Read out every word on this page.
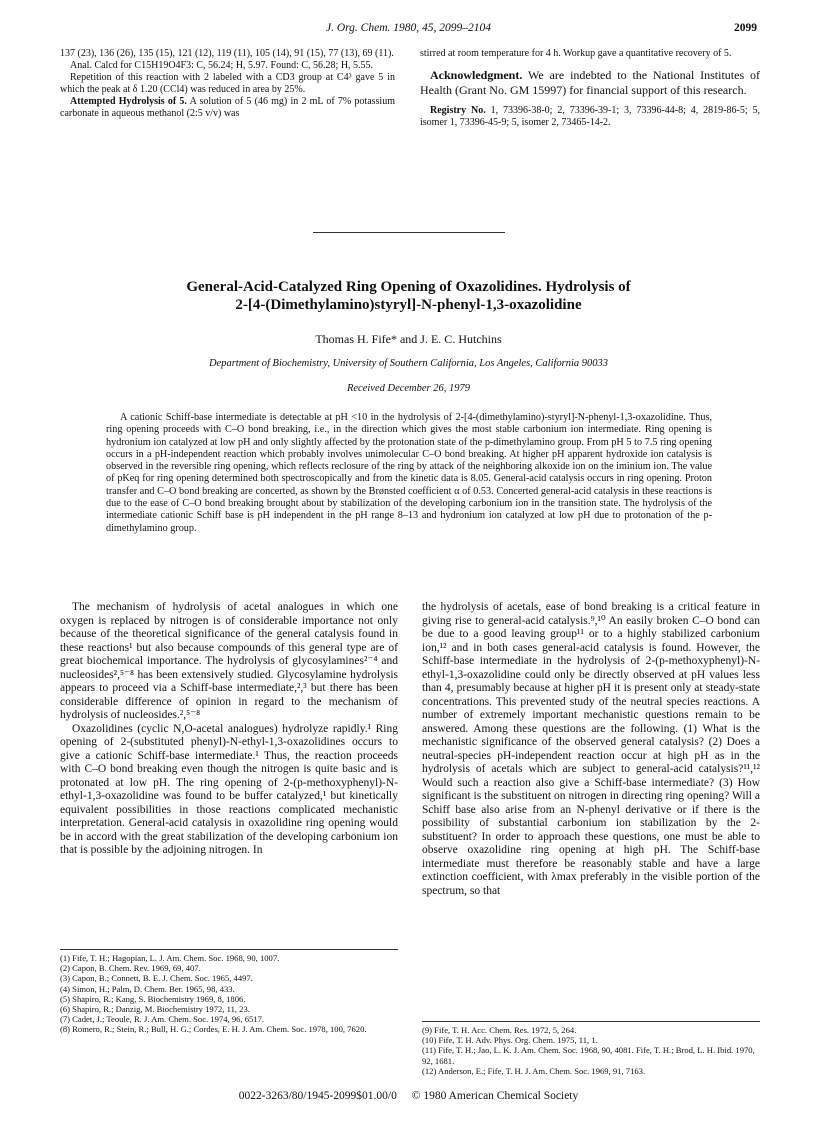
J. Org. Chem. 1980, 45, 2099–2104	2099

137 (23), 136 (26), 135 (15), 121 (12), 119 (11), 105 (14), 91 (15), 77 (13), 69 (11).

Anal. Calcd for C15H19O4F3: C, 56.24; H, 5.97. Found: C, 56.28; H, 5.55.

Repetition of this reaction with 2 labeled with a CD3 group at C4³ gave 5 in which the peak at δ 1.20 (CCl4) was reduced in area by 25%.

Attempted Hydrolysis of 5. A solution of 5 (46 mg) in 2 mL of 7% potassium carbonate in aqueous methanol (2:5 v/v) was

stirred at room temperature for 4 h. Workup gave a quantitative recovery of 5.

Acknowledgment. We are indebted to the National Institutes of Health (Grant No. GM 15997) for financial support of this research.

Registry No. 1, 73396-38-0; 2, 73396-39-1; 3, 73396-44-8; 4, 2819-86-5; 5, isomer 1, 73396-45-9; 5, isomer 2, 73465-14-2.

General-Acid-Catalyzed Ring Opening of Oxazolidines. Hydrolysis of
2-[4-(Dimethylamino)styryl]-N-phenyl-1,3-oxazolidine
Thomas H. Fife* and J. E. C. Hutchins
Department of Biochemistry, University of Southern California, Los Angeles, California 90033
Received December 26, 1979
A cationic Schiff-base intermediate is detectable at pH <10 in the hydrolysis of 2-[4-(dimethylamino)-styryl]-N-phenyl-1,3-oxazolidine. Thus, ring opening proceeds with C–O bond breaking, i.e., in the direction which gives the most stable carbonium ion intermediate. Ring opening is hydronium ion catalyzed at low pH and only slightly affected by the protonation state of the p-dimethylamino group. From pH 5 to 7.5 ring opening occurs in a pH-independent reaction which probably involves unimolecular C–O bond breaking. At higher pH apparent hydroxide ion catalysis is observed in the reversible ring opening, which reflects reclosure of the ring by attack of the neighboring alkoxide ion on the iminium ion. The value of pKeq for ring opening determined both spectroscopically and from the kinetic data is 8.05. General-acid catalysis occurs in ring opening. Proton transfer and C–O bond breaking are concerted, as shown by the Brønsted coefficient α of 0.53. Concerted general-acid catalysis in these reactions is due to the ease of C–O bond breaking brought about by stabilization of the developing carbonium ion in the transition state. The hydrolysis of the intermediate cationic Schiff base is pH independent in the pH range 8–13 and hydronium ion catalyzed at low pH due to protonation of the p-dimethylamino group.

The mechanism of hydrolysis of acetal analogues in which one oxygen is replaced by nitrogen is of considerable importance not only because of the theoretical significance of the general catalysis found in these reactions¹ but also because compounds of this general type are of great biochemical importance. The hydrolysis of glycosylamines²⁻⁴ and nucleosides²,⁵⁻⁸ has been extensively studied. Glycosylamine hydrolysis appears to proceed via a Schiff-base intermediate,²,³ but there has been considerable difference of opinion in regard to the mechanism of hydrolysis of nucleosides.²,⁵⁻⁸

Oxazolidines (cyclic N,O-acetal analogues) hydrolyze rapidly.¹ Ring opening of 2-(substituted phenyl)-N-ethyl-1,3-oxazolidines occurs to give a cationic Schiff-base intermediate.¹ Thus, the reaction proceeds with C–O bond breaking even though the nitrogen is quite basic and is protonated at low pH. The ring opening of 2-(p-methoxyphenyl)-N-ethyl-1,3-oxazolidine was found to be buffer catalyzed,¹ but kinetically equivalent possibilities in those reactions complicated mechanistic interpretation. General-acid catalysis in oxazolidine ring opening would be in accord with the great stabilization of the developing carbonium ion that is possible by the adjoining nitrogen. In

the hydrolysis of acetals, ease of bond breaking is a critical feature in giving rise to general-acid catalysis.⁹,¹⁰ An easily broken C–O bond can be due to a good leaving group¹¹ or to a highly stabilized carbonium ion,¹² and in both cases general-acid catalysis is found. However, the Schiff-base intermediate in the hydrolysis of 2-(p-methoxyphenyl)-N-ethyl-1,3-oxazolidine could only be directly observed at pH values less than 4, presumably because at higher pH it is present only at steady-state concentrations. This prevented study of the neutral species reactions. A number of extremely important mechanistic questions remain to be answered. Among these questions are the following. (1) What is the mechanistic significance of the observed general catalysis? (2) Does a neutral-species pH-independent reaction occur at high pH as in the hydrolysis of acetals which are subject to general-acid catalysis?¹¹,¹² Would such a reaction also give a Schiff-base intermediate? (3) How significant is the substituent on nitrogen in directing ring opening? Will a Schiff base also arise from an N-phenyl derivative or if there is the possibility of substantial carbonium ion stabilization by the 2-substituent? In order to approach these questions, one must be able to observe oxazolidine ring opening at high pH. The Schiff-base intermediate must therefore be reasonably stable and have a large extinction coefficient, with λmax preferably in the visible portion of the spectrum, so that

(1) Fife, T. H.; Hagopian, L. J. Am. Chem. Soc. 1968, 90, 1007.

(2) Capon, B. Chem. Rev. 1969, 69, 407.

(3) Capon, B.; Connett, B. E. J. Chem. Soc. 1965, 4497.

(4) Simon, H.; Palm, D. Chem. Ber. 1965, 98, 433.

(5) Shapiro, R.; Kang, S. Biochemistry 1969, 8, 1806.

(6) Shapiro, R.; Danzig, M. Biochemistry 1972, 11, 23.

(7) Cadet, J.; Teoule, R. J. Am. Chem. Soc. 1974, 96, 6517.

(8) Romero, R.; Stein, R.; Bull, H. G.; Cordes, E. H. J. Am. Chem. Soc. 1978, 100, 7620.	(9) Fife, T. H. Acc. Chem. Res. 1972, 5, 264.

(10) Fife, T. H. Adv. Phys. Org. Chem. 1975, 11, 1.

(11) Fife, T. H.; Jao, L. K. J. Am. Chem. Soc. 1968, 90, 4081. Fife, T. H.; Brod, L. H. Ibid. 1970, 92, 1681.

(12) Anderson, E.; Fife, T. H. J. Am. Chem. Soc. 1969, 91, 7163.

0022-3263/80/1945-2099$01.00/0 © 1980 American Chemical Society
